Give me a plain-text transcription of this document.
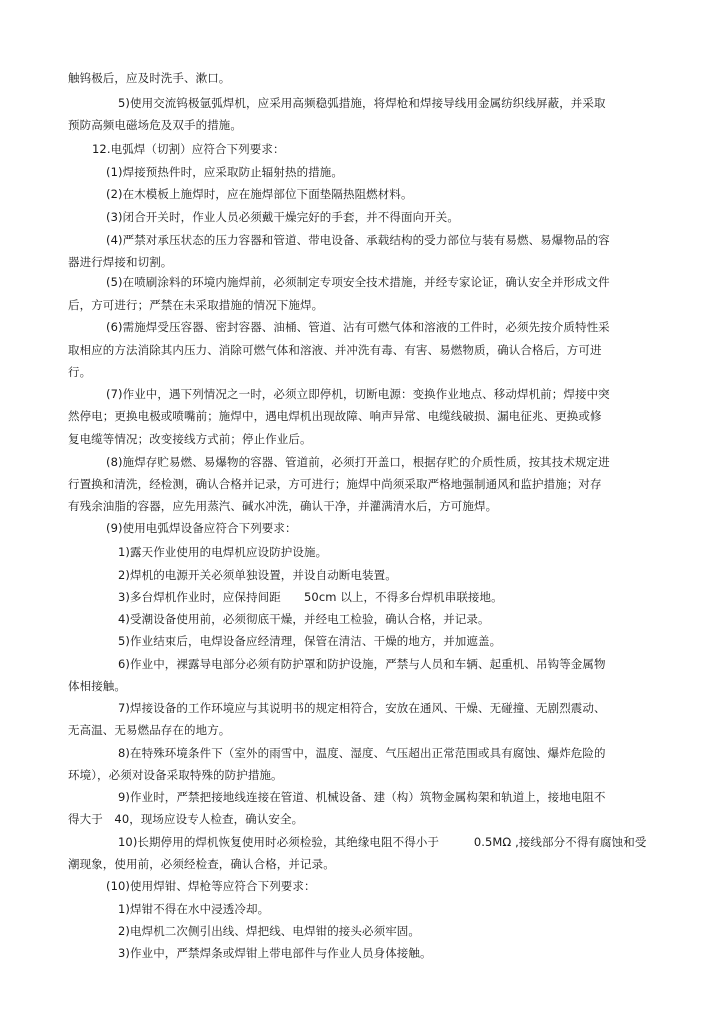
触钨极后，应及时洗手、漱口。
5)使用交流钨极氩弧焊机，应采用高频稳弧措施，将焊枪和焊接导线用金属纺织线屏蔽，并采取
预防高频电磁场危及双手的措施。
12.电弧焊（切割）应符合下列要求：
(1)焊接预热件时，应采取防止辐射热的措施。
(2)在木模板上施焊时，应在施焊部位下面垫隔热阻燃材料。
(3)闭合开关时，作业人员必须戴干燥完好的手套，并不得面向开关。
(4)严禁对承压状态的压力容器和管道、带电设备、承载结构的受力部位与装有易燃、易爆物品的容
器进行焊接和切割。
(5)在喷刷涂料的环境内施焊前，必须制定专项安全技术措施，并经专家论证，确认安全并形成文件
后，方可进行；严禁在未采取措施的情况下施焊。
(6)需施焊受压容器、密封容器、油桶、管道、沾有可燃气体和溶液的工件时，必须先按介质特性采
取相应的方法消除其内压力、消除可燃气体和溶液、并冲洗有毒、有害、易燃物质，确认合格后，方可进
行。
(7)作业中，遇下列情况之一时，必须立即停机，切断电源：变换作业地点、移动焊机前；焊接中突
然停电；更换电极或喷嘴前；施焊中，遇电焊机出现故障、响声异常、电缆线破损、漏电征兆、更换或修
复电缆等情况；改变接线方式前；停止作业后。
(8)施焊存贮易燃、易爆物的容器、管道前，必须打开盖口，根据存贮的介质性质，按其技术规定进
行置换和清洗，经检测，确认合格并记录，方可进行；施焊中尚须采取严格地强制通风和监护措施；对存
有残余油脂的容器，应先用蒸汽、碱水冲洗，确认干净，并灌满清水后，方可施焊。
(9)使用电弧焊设备应符合下列要求：
1)露天作业使用的电焊机应设防护设施。
2)焊机的电源开关必须单独设置，并设自动断电装置。
3)多台焊机作业时，应保持间距　　50cm 以上，不得多台焊机串联接地。
4)受潮设备使用前，必须彻底干燥，并经电工检验，确认合格，并记录。
5)作业结束后，电焊设备应经清理，保管在清洁、干燥的地方，并加遮盖。
6)作业中，裸露导电部分必须有防护罩和防护设施，严禁与人员和车辆、起重机、吊钩等金属物
体相接触。
7)焊接设备的工作环境应与其说明书的规定相符合，安放在通风、干燥、无碰撞、无剧烈震动、
无高温、无易燃品存在的地方。
8)在特殊环境条件下（室外的雨雪中，温度、湿度、气压超出正常范围或具有腐蚀、爆炸危险的
环境），必须对设备采取特殊的防护措施。
9)作业时，严禁把接地线连接在管道、机械设备、建（构）筑物金属构架和轨道上，接地电阻不
得大于　40，现场应设专人检查，确认安全。
10)长期停用的焊机恢复使用时必须检验，其绝缘电阻不得小于　　　0.5MΩ ,接线部分不得有腐蚀和受
潮现象，使用前，必须经检查，确认合格，并记录。
(10)使用焊钳、焊枪等应符合下列要求：
1)焊钳不得在水中浸透冷却。
2)电焊机二次侧引出线、焊把线、电焊钳的接头必须牢固。
3)作业中，严禁焊条或焊钳上带电部件与作业人员身体接触。
